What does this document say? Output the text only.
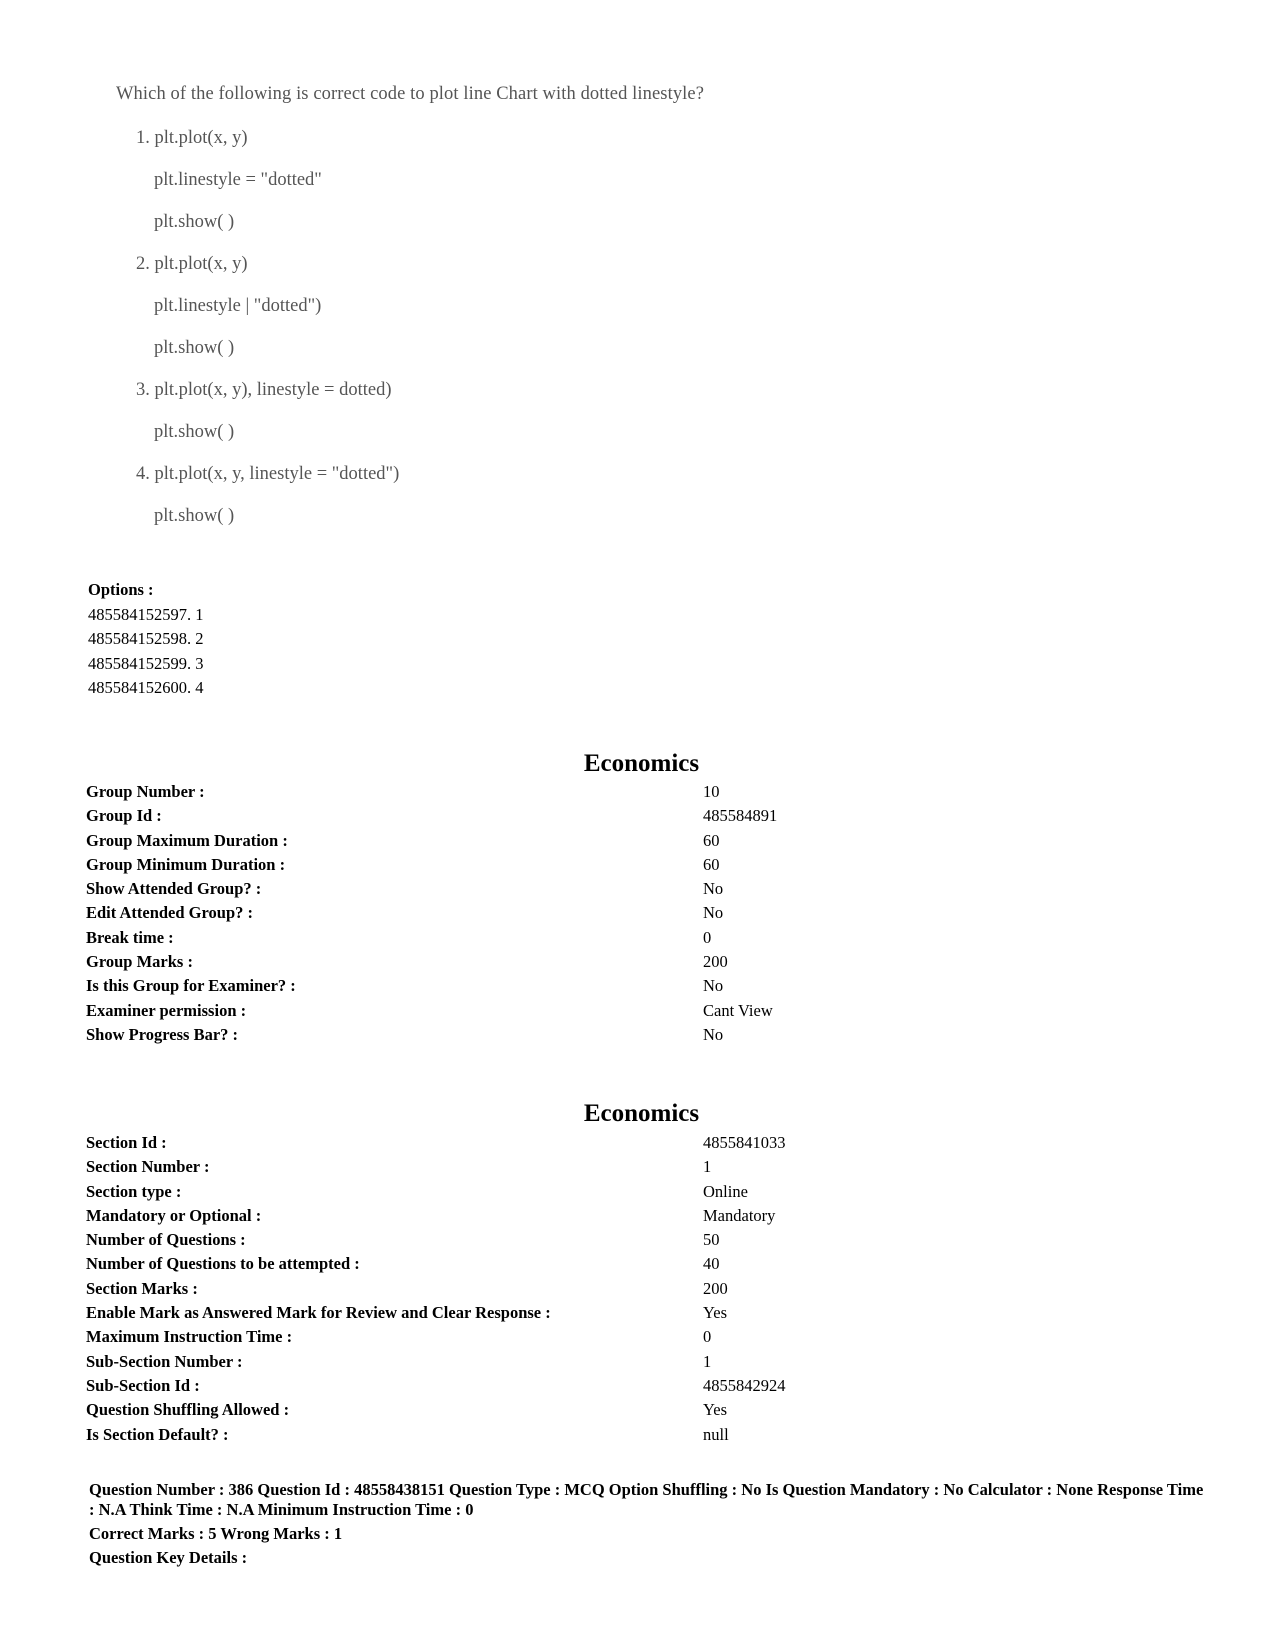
Which of the following is correct code to plot line Chart with dotted linestyle?
1. plt.plot(x, y)
plt.linestyle = "dotted"
plt.show( )
2. plt.plot(x, y)
plt.linestyle | "dotted")
plt.show( )
3. plt.plot(x, y), linestyle = dotted)
plt.show( )
4. plt.plot(x, y, linestyle = "dotted")
plt.show( )
Options :
485584152597. 1
485584152598. 2
485584152599. 3
485584152600. 4
Economics
Group Number :	10
Group Id :	485584891
Group Maximum Duration :	60
Group Minimum Duration :	60
Show Attended Group? :	No
Edit Attended Group? :	No
Break time :	0
Group Marks :	200
Is this Group for Examiner? :	No
Examiner permission :	Cant View
Show Progress Bar? :	No
Economics
Section Id :	4855841033
Section Number :	1
Section type :	Online
Mandatory or Optional :	Mandatory
Number of Questions :	50
Number of Questions to be attempted :	40
Section Marks :	200
Enable Mark as Answered Mark for Review and Clear Response :	Yes
Maximum Instruction Time :	0
Sub-Section Number :	1
Sub-Section Id :	4855842924
Question Shuffling Allowed :	Yes
Is Section Default? :	null

Question Number : 386 Question Id : 48558438151 Question Type : MCQ Option Shuffling : No Is Question Mandatory : No Calculator : None Response Time : N.A Think Time : N.A Minimum Instruction Time : 0

Correct Marks : 5 Wrong Marks : 1

Question Key Details :
